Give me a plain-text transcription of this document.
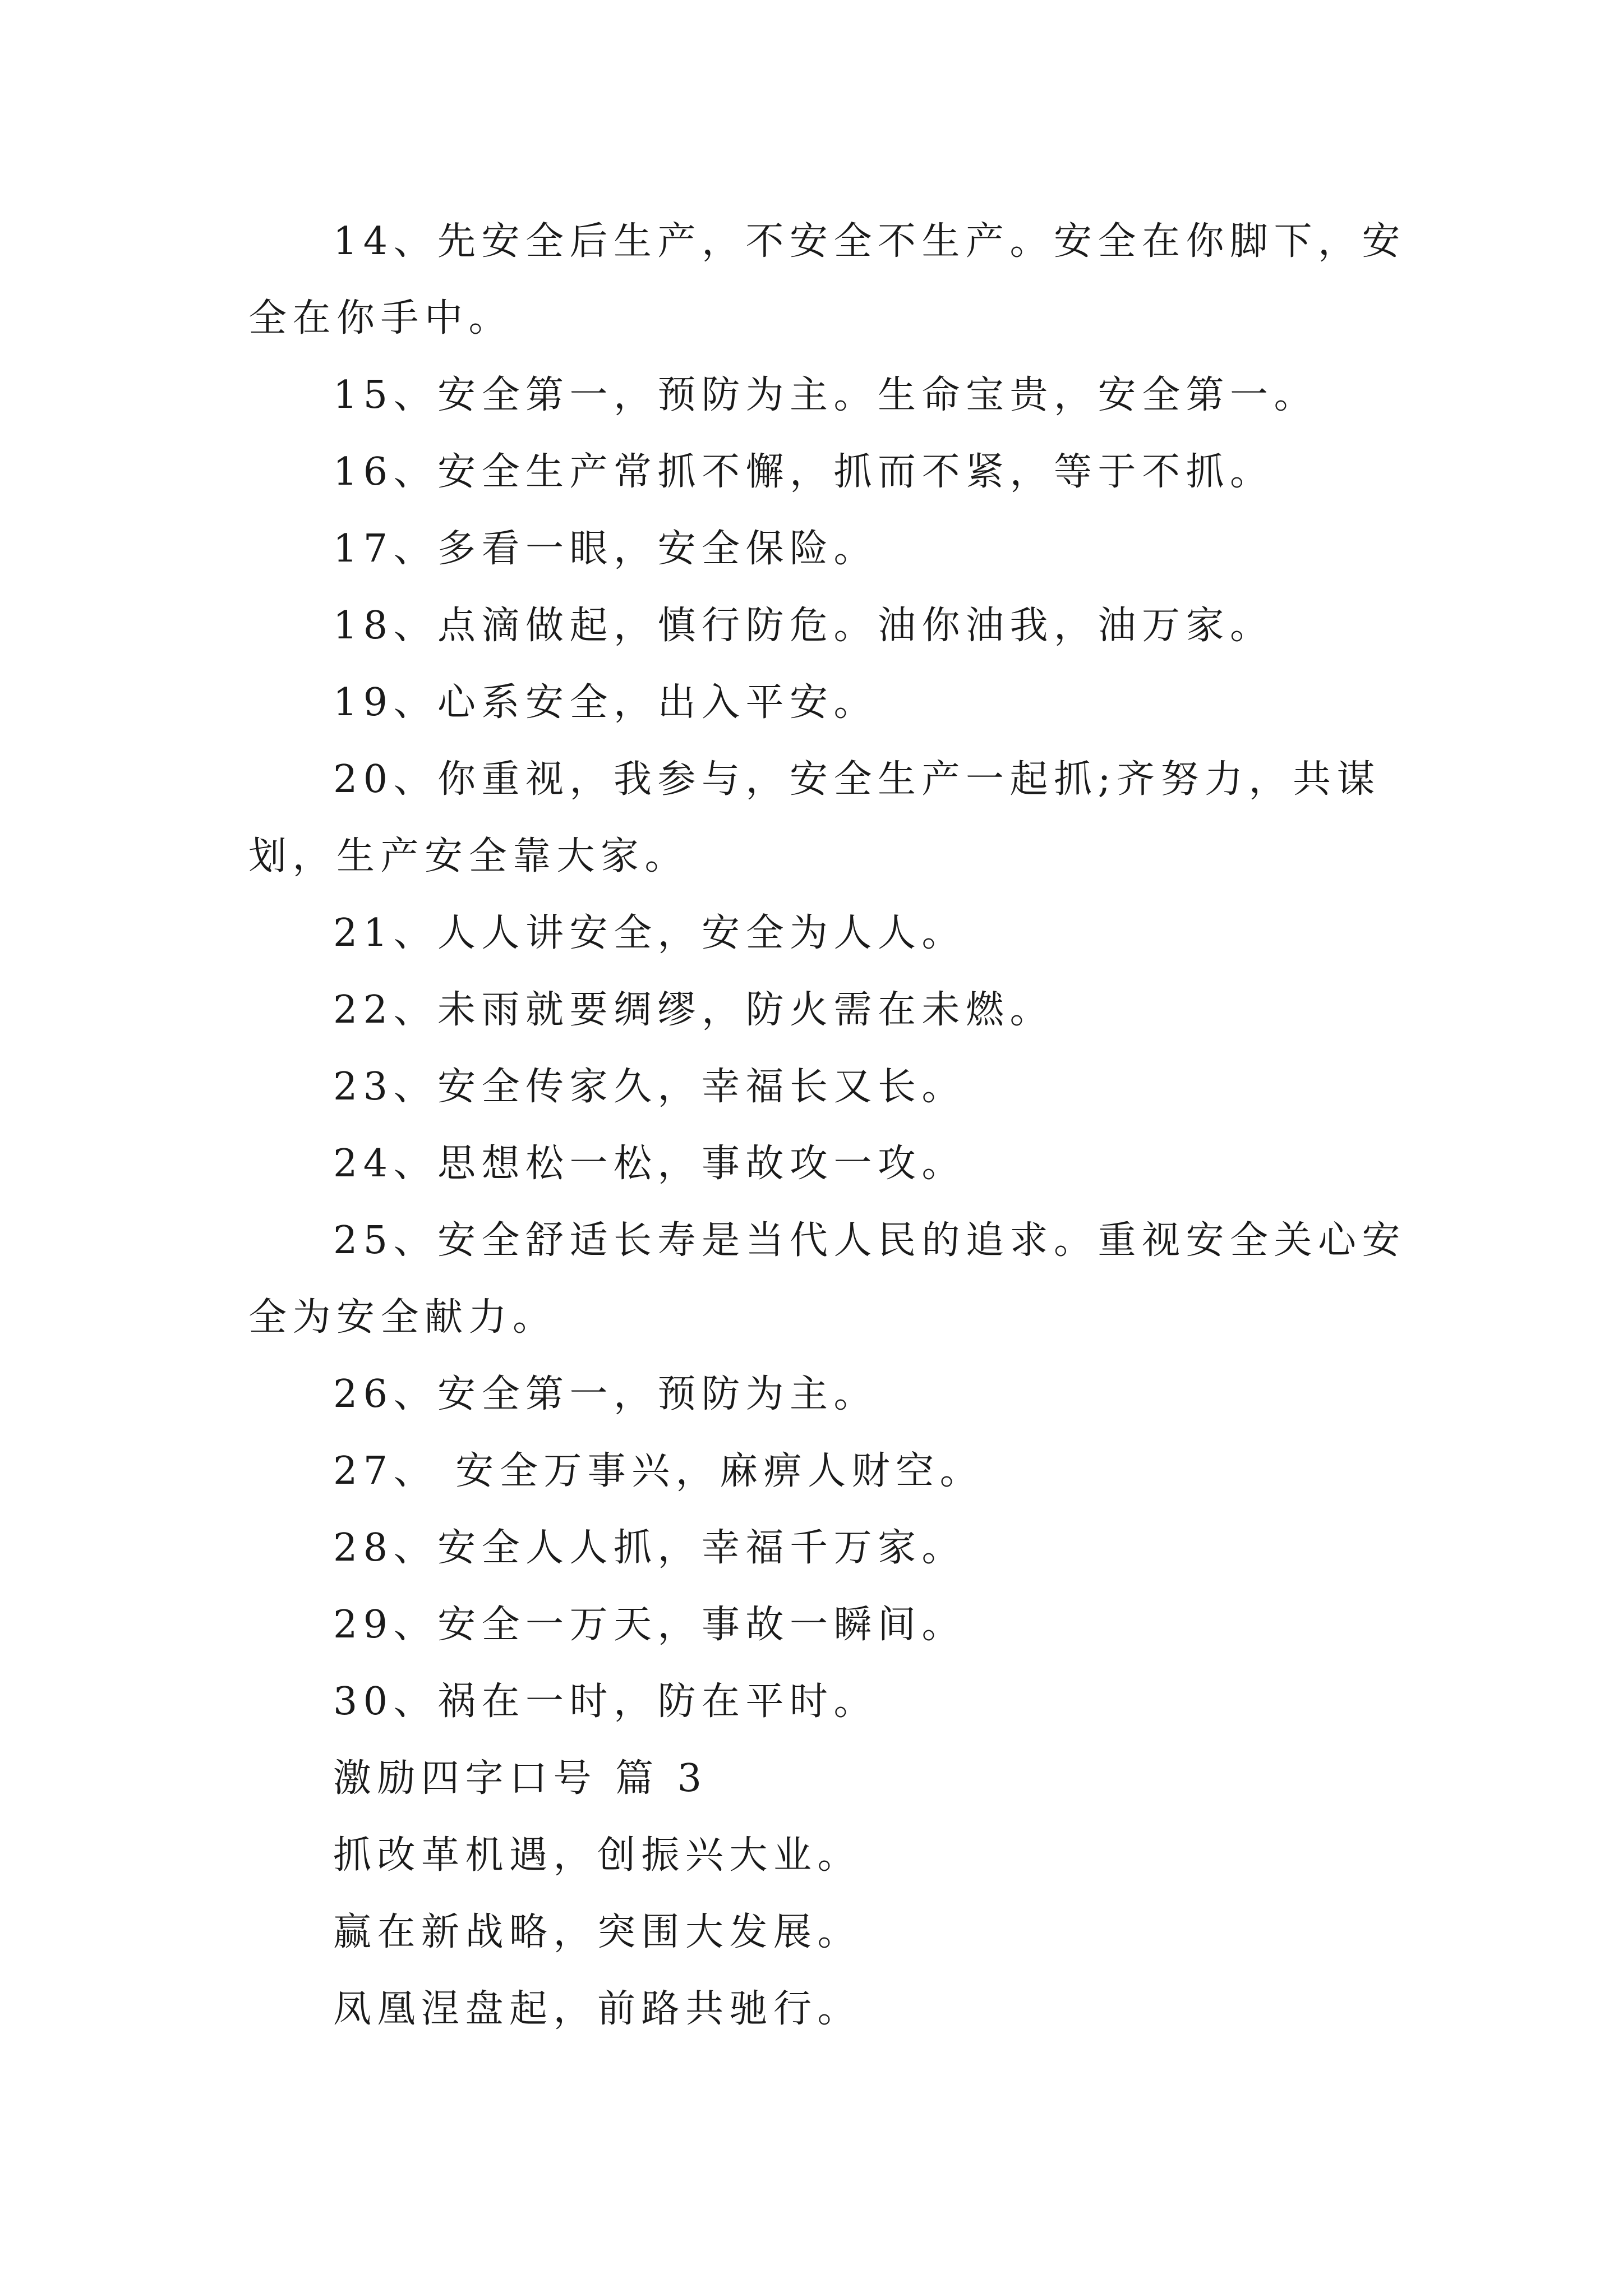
14、先安全后生产，不安全不生产。安全在你脚下，安
全在你手中。
15、安全第一，预防为主。生命宝贵，安全第一。
16、安全生产常抓不懈，抓而不紧，等于不抓。
17、多看一眼，安全保险。
18、点滴做起，慎行防危。油你油我，油万家。
19、心系安全，出入平安。
20、你重视，我参与，安全生产一起抓;齐努力，共谋
划，生产安全靠大家。
21、人人讲安全，安全为人人。
22、未雨就要绸缪，防火需在未燃。
23、安全传家久，幸福长又长。
24、思想松一松，事故攻一攻。
25、安全舒适长寿是当代人民的追求。重视安全关心安
全为安全献力。
26、安全第一，预防为主。
27、 安全万事兴，麻痹人财空。
28、安全人人抓，幸福千万家。
29、安全一万天，事故一瞬间。
30、祸在一时，防在平时。
激励四字口号 篇 3
抓改革机遇，创振兴大业。
赢在新战略，突围大发展。
凤凰涅盘起，前路共驰行。
